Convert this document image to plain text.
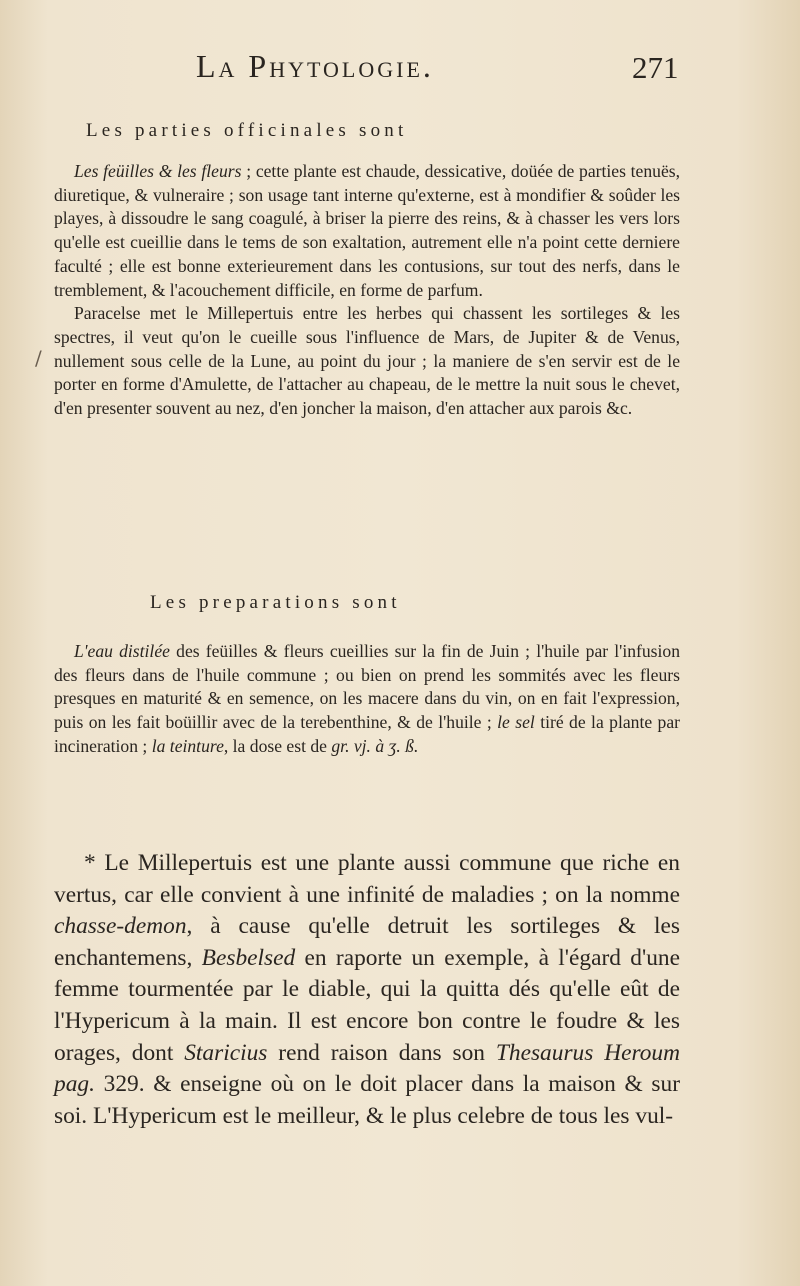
La Phytologie.	271
Les parties officinales sont

Les feüilles & les fleurs ; cette plante est chaude, dessicative, doüée de parties tenuës, diuretique, & vulneraire ; son usage tant interne qu'externe, est à mondifier & soûder les playes, à dissoudre le sang coagulé, à briser la pierre des reins, & à chasser les vers lors qu'elle est cueillie dans le tems de son exaltation, autrement elle n'a point cette derniere faculté ; elle est bonne exterieurement dans les contusions, sur tout des nerfs, dans le tremblement, & l'acouchement difficile, en forme de parfum.

Paracelse met le Millepertuis entre les herbes qui chassent les sortileges & les spectres, il veut qu'on le cueille sous l'influence de Mars, de Jupiter & de Venus, nullement sous celle de la Lune, au point du jour ; la maniere de s'en servir est de le porter en forme d'Amulette, de l'attacher au chapeau, de le mettre la nuit sous le chevet, d'en presenter souvent au nez, d'en joncher la maison, d'en attacher aux parois &c.

Les preparations sont

L'eau distilée des feüilles & fleurs cueillies sur la fin de Juin ; l'huile par l'infusion des fleurs dans de l'huile commune ; ou bien on prend les sommités avec les fleurs presques en maturité & en semence, on les macere dans du vin, on en fait l'expression, puis on les fait boüillir avec de la terebenthine, & de l'huile ; le sel tiré de la plante par incineration ; la teinture, la dose est de gr. vj. à ʒ. ß.

* Le Millepertuis est une plante aussi commune que riche en vertus, car elle convient à une infinité de maladies ; on la nomme chasse-demon, à cause qu'elle detruit les sortileges & les enchantemens, Besbelsed en raporte un exemple, à l'égard d'une femme tourmentée par le diable, qui la quitta dés qu'elle eût de l'Hypericum à la main. Il est encore bon contre le foudre & les orages, dont Staricius rend raison dans son Thesaurus Heroum pag. 329. & enseigne où on le doit placer dans la maison & sur soi. L'Hypericum est le meilleur, & le plus celebre de tous les vul-

/
